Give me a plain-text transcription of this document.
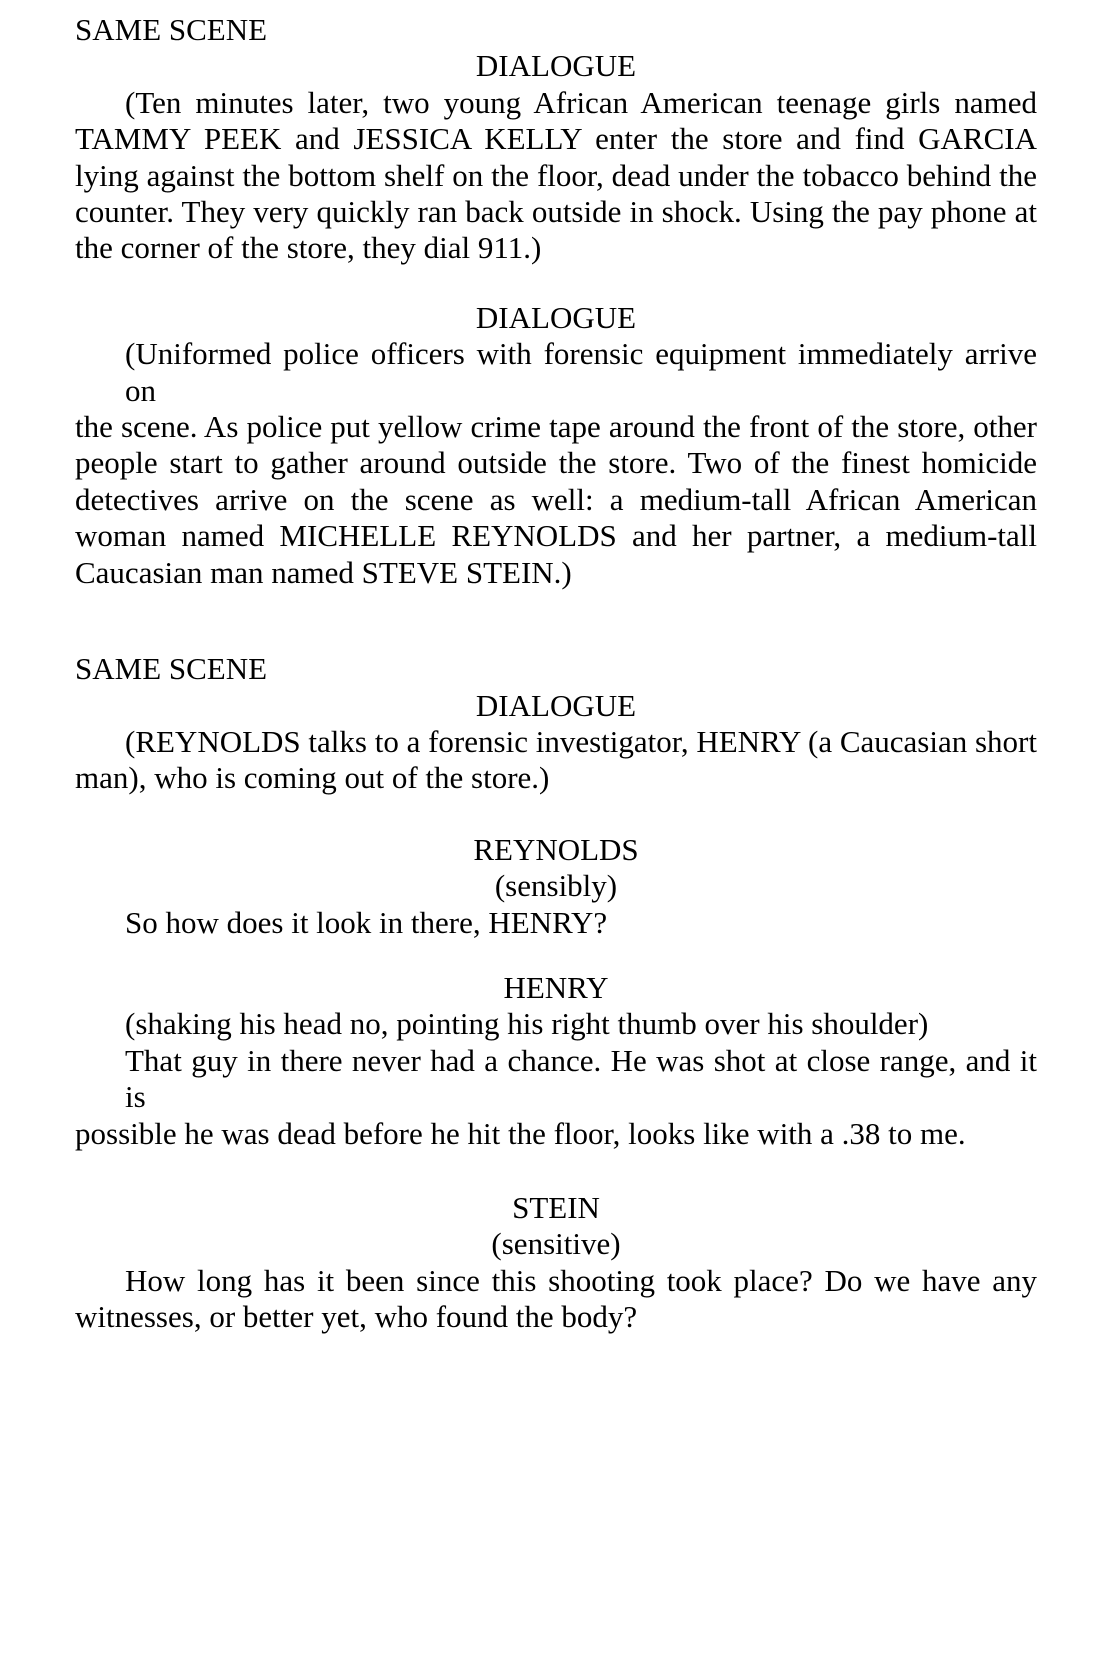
SAME SCENE
DIALOGUE
(Ten minutes later, two young African American teenage girls named
TAMMY PEEK and JESSICA KELLY enter the store and find GARCIA
lying against the bottom shelf on the floor, dead under the tobacco behind the
counter. They very quickly ran back outside in shock. Using the pay phone at
the corner of the store, they dial 911.)
DIALOGUE
(Uniformed police officers with forensic equipment immediately arrive on
the scene. As police put yellow crime tape around the front of the store, other
people start to gather around outside the store. Two of the finest homicide
detectives arrive on the scene as well: a medium-tall African American
woman named MICHELLE REYNOLDS and her partner, a medium-tall
Caucasian man named STEVE STEIN.)
SAME SCENE
DIALOGUE
(REYNOLDS talks to a forensic investigator, HENRY (a Caucasian short
man), who is coming out of the store.)
REYNOLDS
(sensibly)
So how does it look in there, HENRY?
HENRY
(shaking his head no, pointing his right thumb over his shoulder)
That guy in there never had a chance. He was shot at close range, and it is
possible he was dead before he hit the floor, looks like with a .38 to me.
STEIN
(sensitive)
How long has it been since this shooting took place? Do we have any
witnesses, or better yet, who found the body?
